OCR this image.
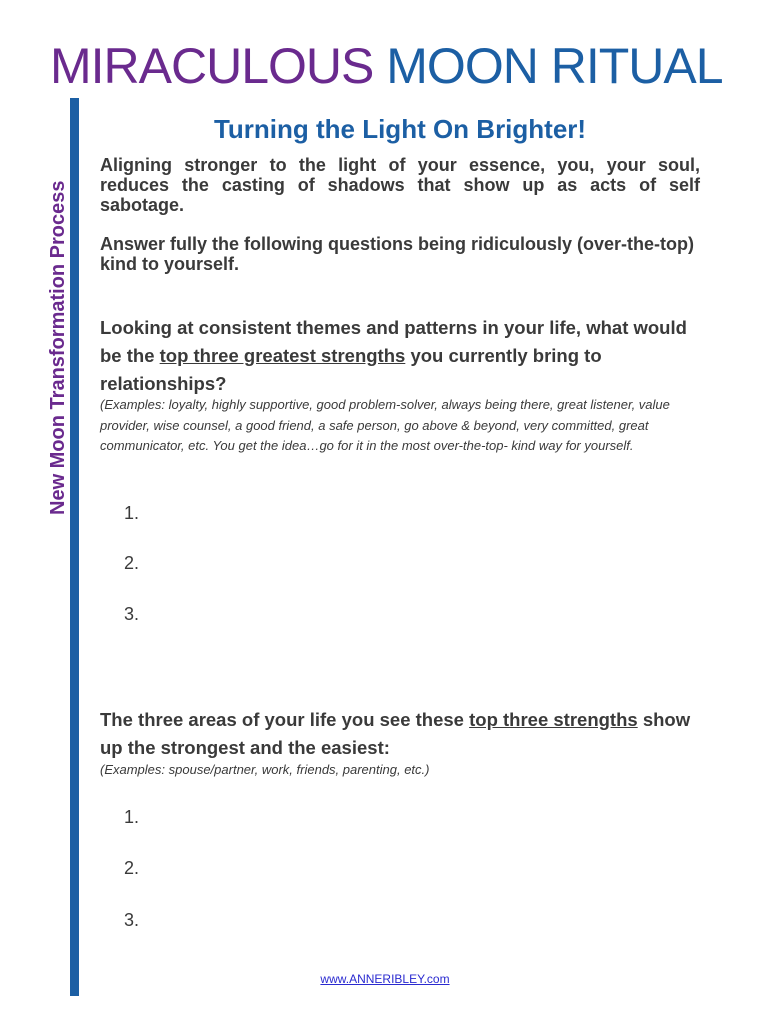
MIRACULOUS MOON RITUAL
New Moon Transformation Process
Turning the Light On Brighter!
Aligning stronger to the light of your essence, you, your soul, reduces the casting of shadows that show up as acts of self sabotage.
Answer fully the following questions being ridiculously (over-the-top) kind to yourself.
Looking at consistent themes and patterns in your life, what would be the top three greatest strengths you currently bring to relationships?
(Examples: loyalty, highly supportive, good problem-solver, always being there, great listener, value provider, wise counsel, a good friend, a safe person, go above & beyond, very committed, great communicator, etc. You get the idea…go for it in the most over-the-top- kind way for yourself.
1.
2.
3.
The three areas of your life you see these top three strengths show up the strongest and the easiest:
(Examples: spouse/partner, work, friends, parenting, etc.)
1.
2.
3.
www.ANNERIBLEY.com
